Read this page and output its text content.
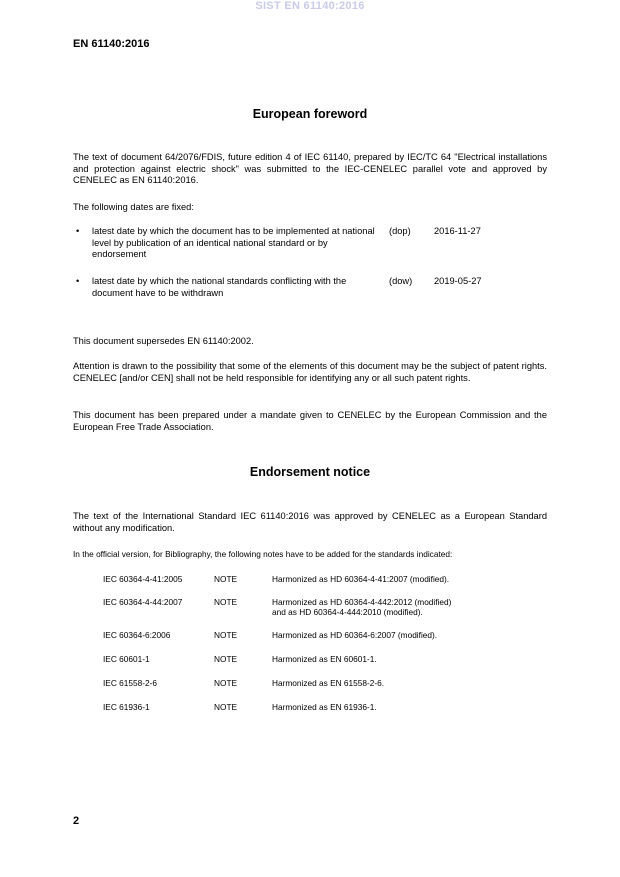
SIST EN 61140:2016
EN 61140:2016
European foreword
The text of document 64/2076/FDIS, future edition 4 of IEC 61140, prepared by IEC/TC 64 "Electrical installations and protection against electric shock" was submitted to the IEC-CENELEC parallel vote and approved by CENELEC as EN 61140:2016.
The following dates are fixed:
• latest date by which the document has to be implemented at national level by publication of an identical national standard or by endorsement
(dop)	2016-11-27
• latest date by which the national standards conflicting with the document have to be withdrawn
(dow) 2019-05-27
This document supersedes EN 61140:2002.
Attention is drawn to the possibility that some of the elements of this document may be the subject of patent rights. CENELEC [and/or CEN] shall not be held responsible for identifying any or all such patent rights.
This document has been prepared under a mandate given to CENELEC by the European Commission and the European Free Trade Association.
Endorsement notice
The text of the International Standard IEC 61140:2016 was approved by CENELEC as a European Standard without any modification.
In the official version, for Bibliography, the following notes have to be added for the standards indicated:
IEC 60364-4-41:2005	NOTE	Harmonized as HD 60364-4-41:2007 (modified).
IEC 60364-4-44:2007	NOTE	Harmonized as HD 60364-4-442:2012 (modified)
and as HD 60364-4-444:2010 (modified).
IEC 60364-6:2006	NOTE	Harmonized as HD 60364-6:2007 (modified).
IEC 60601-1	NOTE	Harmonized as EN 60601-1.
IEC 61558-2-6	NOTE	Harmonized as EN 61558-2-6.
IEC 61936-1	NOTE	Harmonized as EN 61936-1.
2
